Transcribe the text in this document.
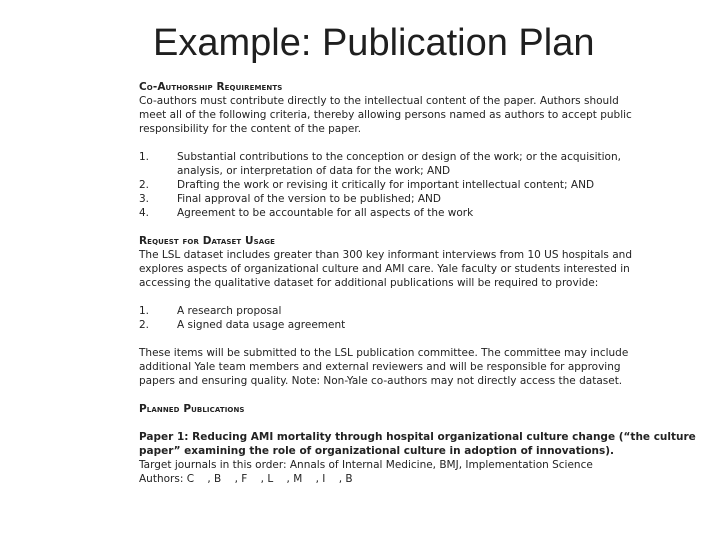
Example: Publication Plan
Co-Authorship Requirements
Co-authors must contribute directly to the intellectual content of the paper. Authors should
meet all of the following criteria, thereby allowing persons named as authors to accept public
responsibility for the content of the paper.
1.	Substantial contributions to the conception or design of the work; or the acquisition,
analysis, or interpretation of data for the work; AND
2.	Drafting the work or revising it critically for important intellectual content; AND
3.	Final approval of the version to be published; AND
4.	Agreement to be accountable for all aspects of the work
Request for Dataset Usage
The LSL dataset includes greater than 300 key informant interviews from 10 US hospitals and
explores aspects of organizational culture and AMI care. Yale faculty or students interested in
accessing the qualitative dataset for additional publications will be required to provide:
1.	A research proposal
2.	A signed data usage agreement
These items will be submitted to the LSL publication committee. The committee may include
additional Yale team members and external reviewers and will be responsible for approving
papers and ensuring quality. Note: Non-Yale co-authors may not directly access the dataset.
Planned Publications
Paper 1: Reducing AMI mortality through hospital organizational culture change (“the culture
paper” examining the role of organizational culture in adoption of innovations).
Target journals in this order: Annals of Internal Medicine, BMJ, Implementation Science
Authors: C    , B    , F    , L    , M    , I    , B
